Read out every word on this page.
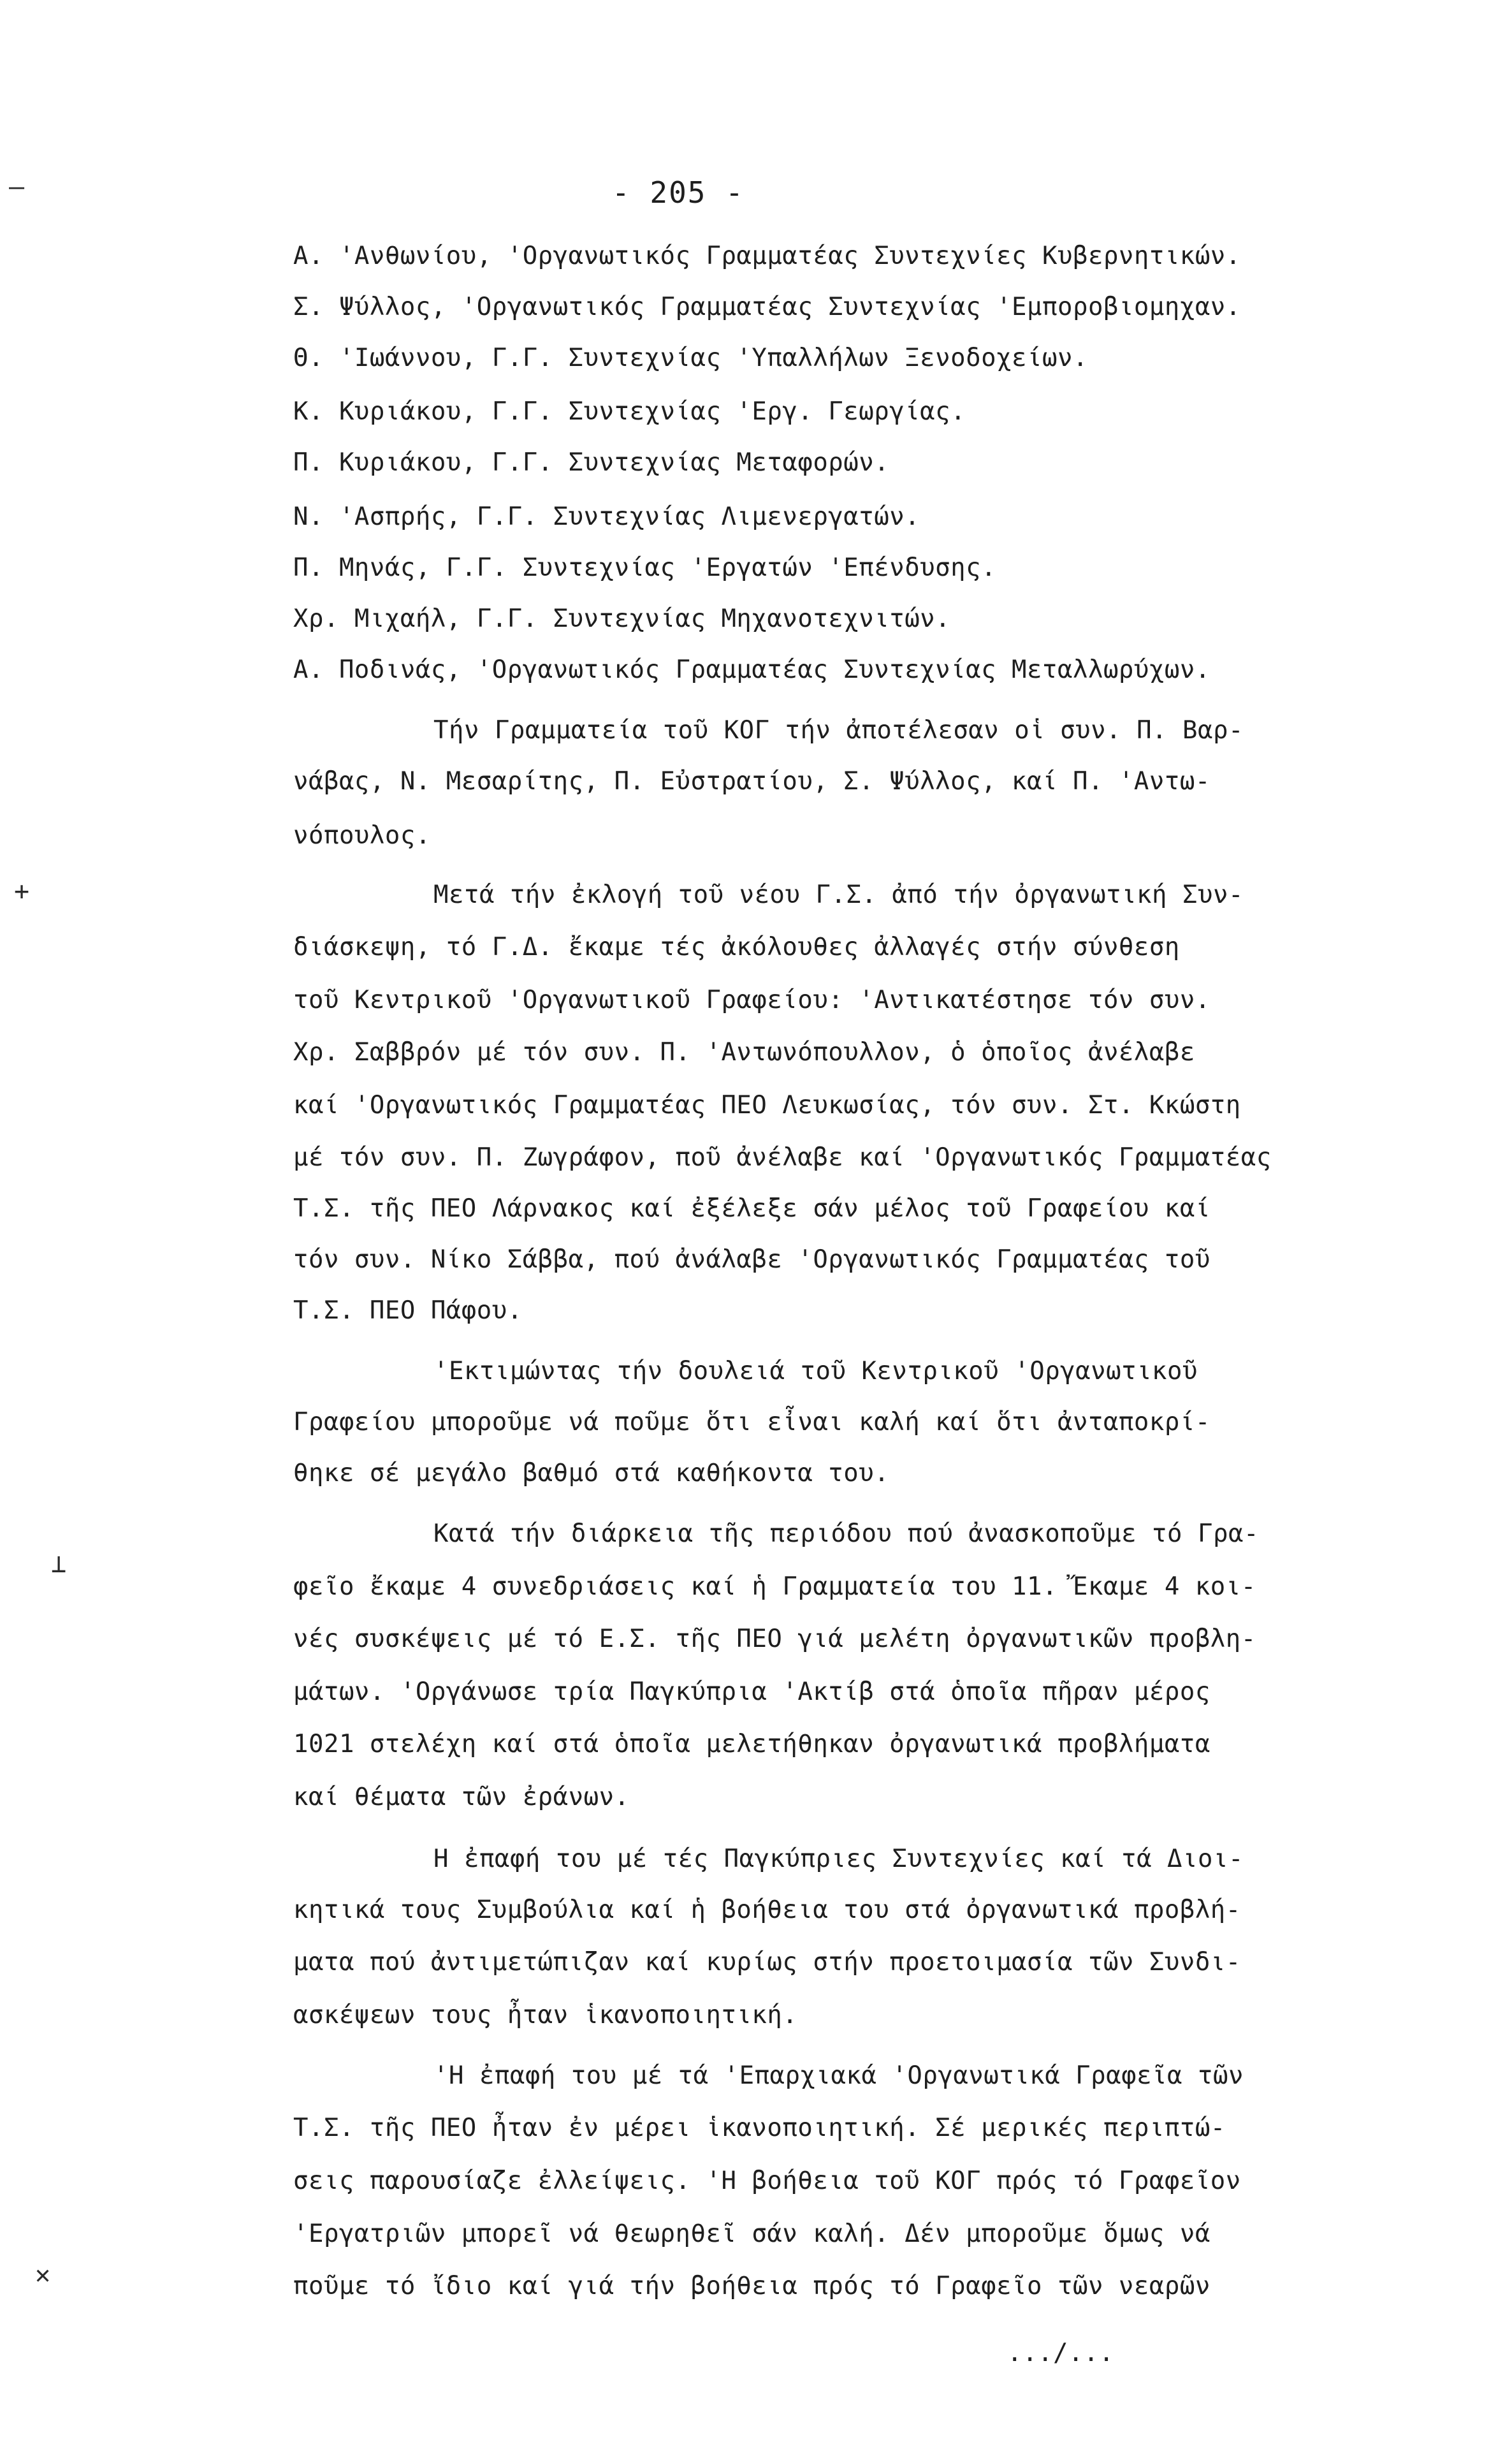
—
+
⊥
✕
- 205 -
Α. 'Ανθωνίου, 'Οργανωτικός Γραμματέας Συντεχνίες Κυβερνητικών.
Σ. Ψύλλος, 'Οργανωτικός Γραμματέας Συντεχνίας 'Εμποροβιομηχαν.
Θ. 'Ιωάννου, Γ.Γ. Συντεχνίας 'Υπαλλήλων Ξενοδοχείων.
Κ. Κυριάκου, Γ.Γ. Συντεχνίας 'Εργ. Γεωργίας.
Π. Κυριάκου, Γ.Γ. Συντεχνίας Μεταφορών.
Ν. 'Ασπρής, Γ.Γ. Συντεχνίας Λιμενεργατών.
Π. Μηνάς, Γ.Γ. Συντεχνίας 'Εργατών 'Επένδυσης.
Χρ. Μιχαήλ, Γ.Γ. Συντεχνίας Μηχανοτεχνιτών.
Α. Ποδινάς, 'Οργανωτικός Γραμματέας Συντεχνίας Μεταλλωρύχων.
Τήν Γραμματεία τοῦ ΚΟΓ τήν ἀποτέλεσαν οἱ συν. Π. Βαρ-
νάβας, Ν. Μεσαρίτης, Π. Εὐστρατίου, Σ. Ψύλλος, καί Π. 'Αντω-
νόπουλος.
Μετά τήν ἐκλογή τοῦ νέου Γ.Σ. ἀπό τήν ὀργανωτική Συν-
διάσκεψη, τό Γ.Δ. ἔκαμε τές ἀκόλουθες ἀλλαγές στήν σύνθεση
τοῦ Κεντρικοῦ 'Οργανωτικοῦ Γραφείου: 'Αντικατέστησε τόν συν.
Χρ. Σαββρόν μέ τόν συν. Π. 'Αντωνόπουλλον, ὁ ὁποῖος ἀνέλαβε
καί 'Οργανωτικός Γραμματέας ΠΕΟ Λευκωσίας, τόν συν. Στ. Κκώστη
μέ τόν συν. Π. Ζωγράφον, ποῦ ἀνέλαβε καί 'Οργανωτικός Γραμματέας
Τ.Σ. τῆς ΠΕΟ Λάρνακος καί ἐξέλεξε σάν μέλος τοῦ Γραφείου καί
τόν συν. Νίκο Σάββα, πού ἀνάλαβε 'Οργανωτικός Γραμματέας τοῦ
Τ.Σ. ΠΕΟ Πάφου.
'Εκτιμώντας τήν δουλειά τοῦ Κεντρικοῦ 'Οργανωτικοῦ
Γραφείου μποροῦμε νά ποῦμε ὅτι εἶναι καλή καί ὅτι ἀνταποκρί-
θηκε σέ μεγάλο βαθμό στά καθήκοντα του.
Κατά τήν διάρκεια τῆς περιόδου πού ἀνασκοποῦμε τό Γρα-
φεῖο ἔκαμε 4 συνεδριάσεις καί ἡ Γραμματεία του 11. Ἔκαμε 4 κοι-
νές συσκέψεις μέ τό Ε.Σ. τῆς ΠΕΟ γιά μελέτη ὀργανωτικῶν προβλη-
μάτων. 'Οργάνωσε τρία Παγκύπρια 'Ακτίβ στά ὁποῖα πῆραν μέρος
1021 στελέχη καί στά ὁποῖα μελετήθηκαν ὀργανωτικά προβλήματα
καί θέματα τῶν ἐράνων.
Η ἐπαφή του μέ τές Παγκύπριες Συντεχνίες καί τά Διοι-
κητικά τους Συμβούλια καί ἡ βοήθεια του στά ὀργανωτικά προβλή-
ματα πού ἀντιμετώπιζαν καί κυρίως στήν προετοιμασία τῶν Συνδι-
ασκέψεων τους ἦταν ἱκανοποιητική.
'Η ἐπαφή του μέ τά 'Επαρχιακά 'Οργανωτικά Γραφεῖα τῶν
Τ.Σ. τῆς ΠΕΟ ἦταν ἐν μέρει ἱκανοποιητική. Σέ μερικές περιπτώ-
σεις παρουσίαζε ἐλλείψεις. 'Η βοήθεια τοῦ ΚΟΓ πρός τό Γραφεῖον
'Εργατριῶν μπορεῖ νά θεωρηθεῖ σάν καλή. Δέν μποροῦμε ὅμως νά
ποῦμε τό ἴδιο καί γιά τήν βοήθεια πρός τό Γραφεῖο τῶν νεαρῶν
.../...
